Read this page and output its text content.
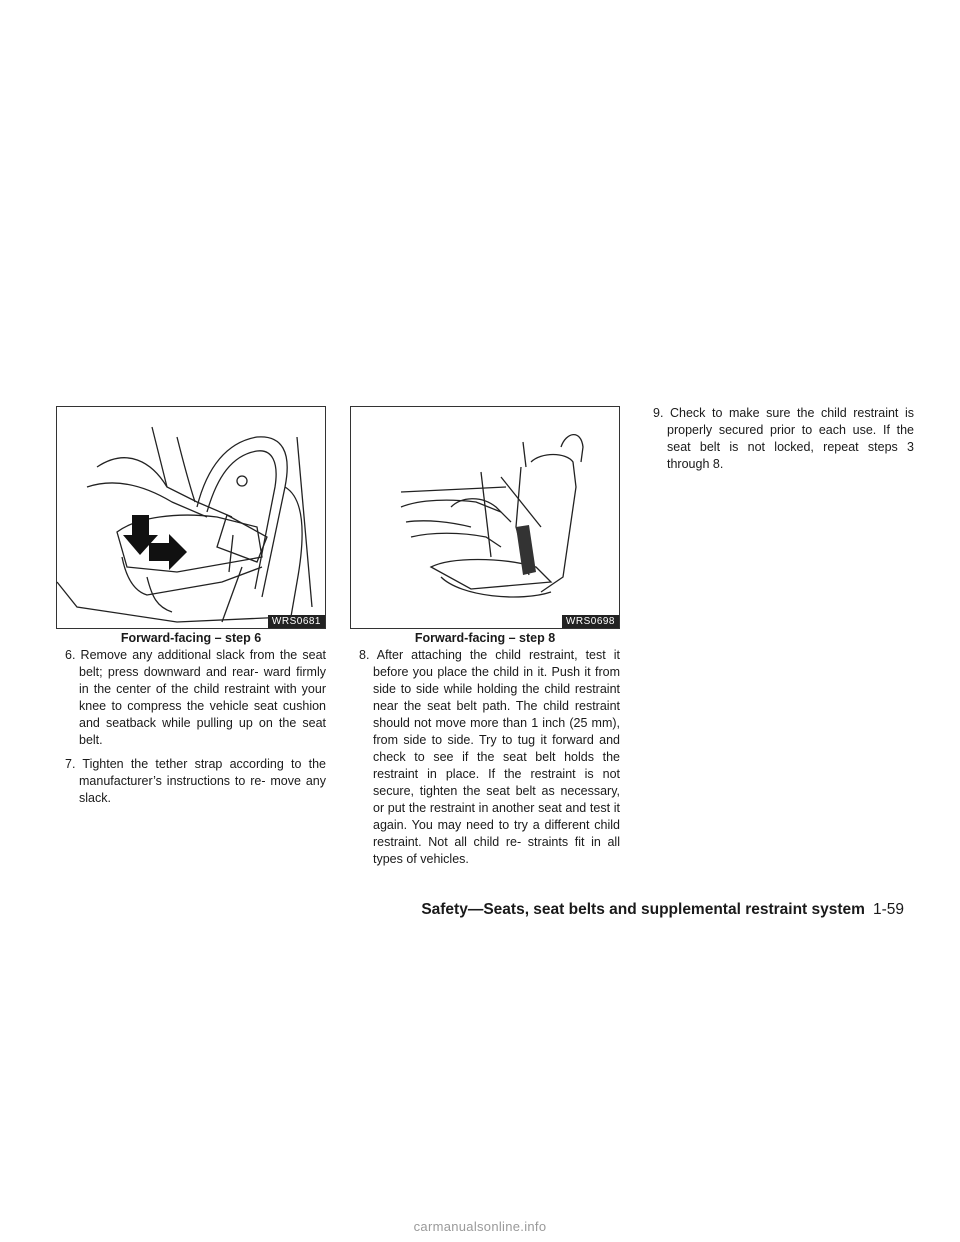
WRS0681
Forward-facing – step 6
WRS0698
Forward-facing – step 8

6. Remove any additional slack from the seat belt; press downward and rear- ward firmly in the center of the child restraint with your knee to compress the vehicle seat cushion and seatback while pulling up on the seat belt.

7. Tighten the tether strap according to the manufacturer’s instructions to re- move any slack.

8. After attaching the child restraint, test it before you place the child in it. Push it from side to side while holding the child restraint near the seat belt path. The child restraint should not move more than 1 inch (25 mm), from side to side. Try to tug it forward and check to see if the seat belt holds the restraint in place. If the restraint is not secure, tighten the seat belt as necessary, or put the restraint in another seat and test it again. You may need to try a different child restraint. Not all child re- straints fit in all types of vehicles.

9. Check to make sure the child restraint is properly secured prior to each use. If the seat belt is not locked, repeat steps 3 through 8.

Safety—Seats, seat belts and supplemental restraint system 1-59
carmanualsonline.info
